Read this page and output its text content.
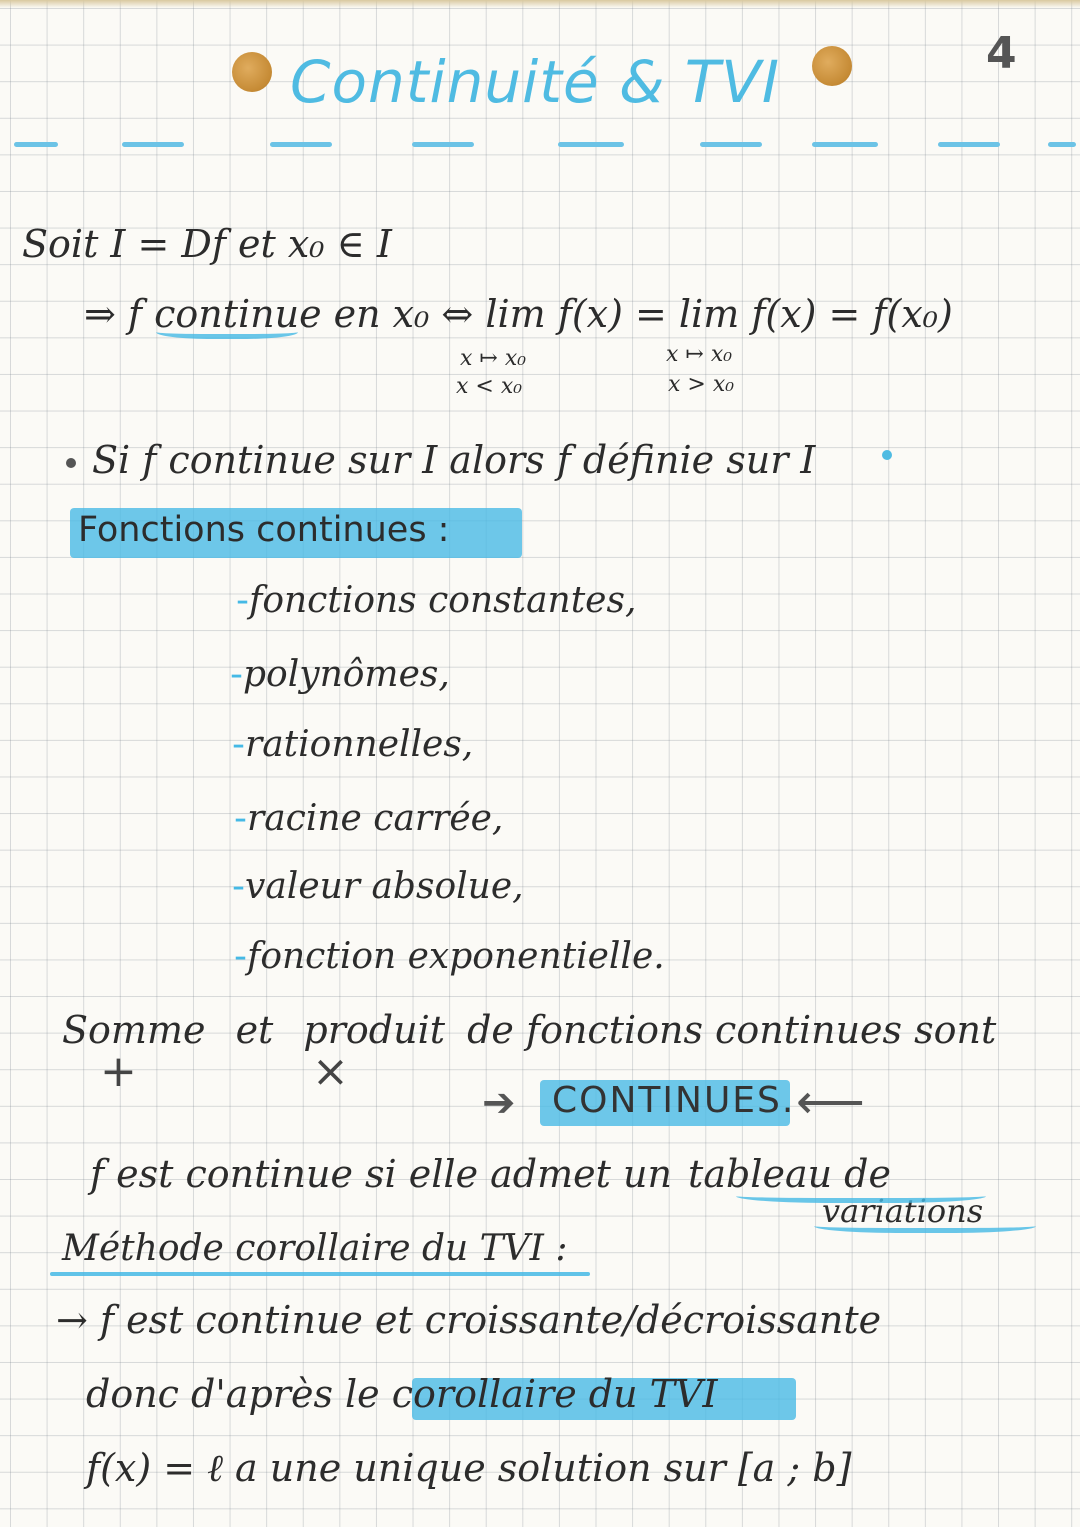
Continuité & TVI	4
Soit I = Df et x₀ ∈ I
⇒ f continue en x₀ ⇔ lim f(x) = lim f(x) = f(x₀)
x ↦ x₀
x < x₀
x ↦ x₀
x > x₀
Si f continue sur I alors f définie sur I
Fonctions continues :
-fonctions constantes,
-polynômes,
-rationnelles,
-racine carrée,
-valeur absolue,
-fonction exponentielle.
Somme et produit de fonctions continues sont
+	×
➔ CONTINUES. ⟵
f est continue si elle admet un tableau de
variations
Méthode corollaire du TVI :
→ f est continue et croissante/décroissante
donc d'après le corollaire du TVI
f(x) = ℓ a une unique solution sur [a ; b]
